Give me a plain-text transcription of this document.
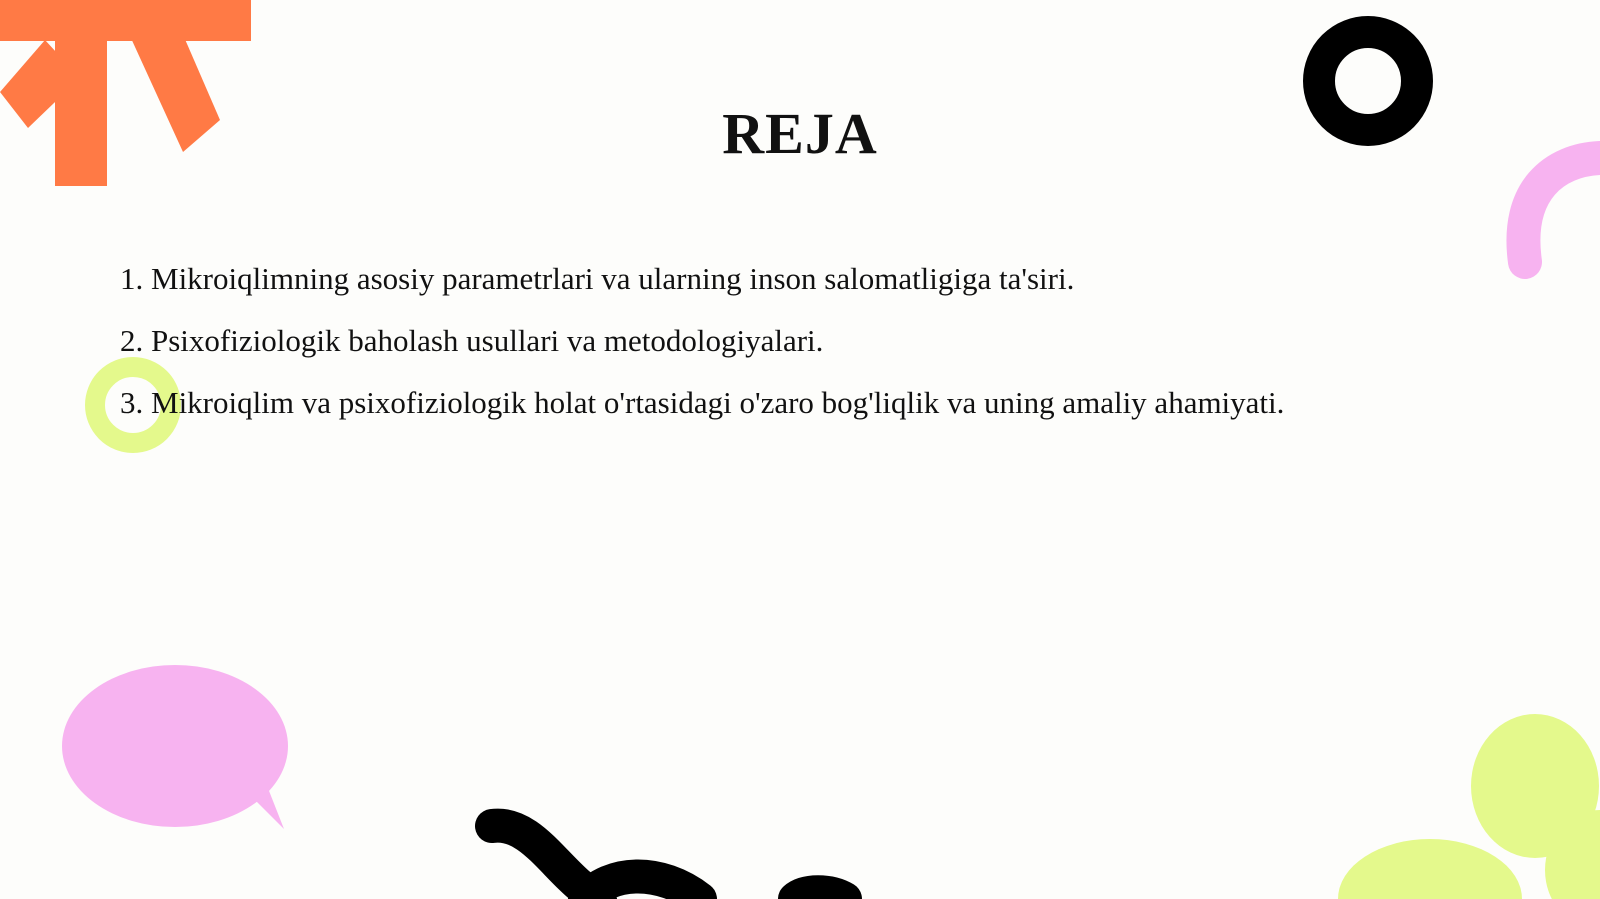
REJA
1. Mikroiqlimning asosiy parametrlari va ularning inson salomatligiga ta'siri.
2. Psixofiziologik baholash usullari va metodologiyalari.
3. Mikroiqlim va psixofiziologik holat o'rtasidagi o'zaro bog'liqlik va uning amaliy ahamiyati.
